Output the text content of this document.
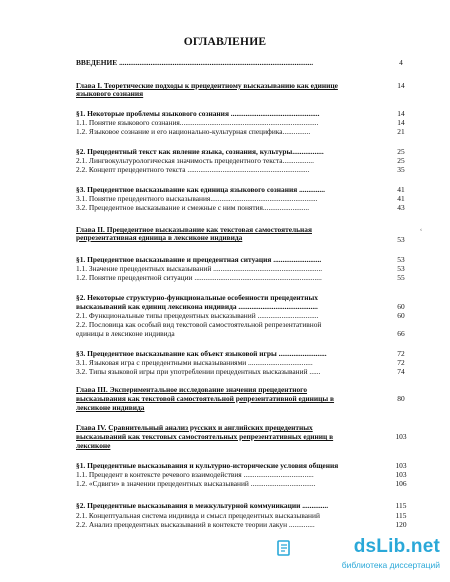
ОГЛАВЛЕНИЕ
ВВЕДЕНИЕ .........................................................................................................	4
Глава I. Теоретические подходы к прецедентному высказыванию как единице	14
языкового сознания
§1. Некоторые проблемы языкового сознания ................................................	14
1.1. Понятие языкового сознания...........................................................................	14
1.2. Языковое сознание и его национально-культурная специфика...............	21
§2. Прецедентный текст как явление языка, сознания, культуры.................	25
2.1. Лингвокультурологическая значимость прецедентного текста.................	25
2.2. Концепт прецедентного текста ..................................................................	35
§3. Прецедентное высказывание как единица языкового сознания ..............	41
3.1. Понятие прецедентного высказывания..........................................................	41
3.2. Прецедентное высказывание и смежные с ним понятия.........................	43
Глава II. Прецедентное высказывание как текстовая самостоятельная
репрезентативная единица в лексиконе индивида	53
§1. Прецедентное высказывание и прецедентная ситуация ..........................	53
1.1. Значение прецедентных высказываний ...........................................................	53
1.2. Понятие прецедентной ситуации .....................................................................	55
§2. Некоторые структурно-функциональные особенности прецедентных
высказываний как единиц лексикона индивида ...........................................	60
2.1. Функциональные типы прецедентных высказываний .................................	60
2.2. Пословица как особый вид текстовой самостоятельной репрезентативной
единицы в лексиконе индивида	66
§3. Прецедентное высказывание как объект языковой игры ..........................	72
3.1. Языковая игра с прецедентными высказываниями ...................................	72
3.2. Типы языковой игры при употреблении прецедентных высказываний ......	74
Глава III. Экспериментальное исследование значения прецедентного
высказывания как текстовой самостоятельной репрезентативной единицы в	80
лексиконе индивида
Глава IV. Сравнительный анализ русских и английских прецедентных
высказываний как текстовых самостоятельных репрезентативных единиц в	103
лексиконе
§1. Прецедентные высказывания и культурно-исторические условия общения	103
1.1. Прецедент в контексте речевого взаимодействия ......................................	103
1.2. «Сдвиги» в значении прецедентных высказываний ...................................	106
§2. Прецедентные высказывания в межкультурной коммуникации ..............	115
2.1. Концептуальная система индивида и смысл прецедентных высказываний	115
2.2. Анализ прецедентных высказываний в контексте теории лакун ..............	120
‹
dsLib.net
библиотека диссертаций
